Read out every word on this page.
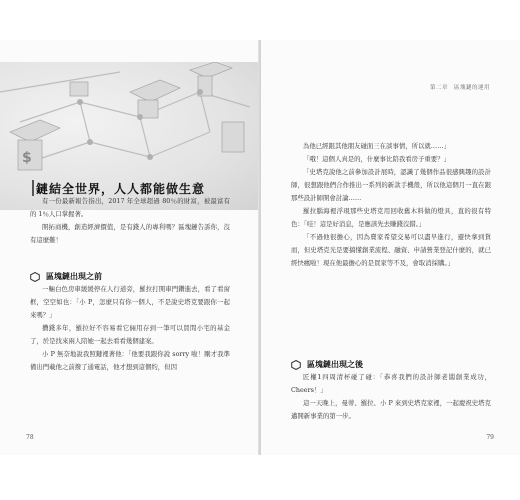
$
鏈結全世界，人人都能做生意

有一份最新報告指出，2017 年全球超過 80％的財富，被最富有的 1％人口掌握著。

開拓商機，創造經濟價值，是有錢人的專利嗎？區塊鏈告訴你，沒有這麼難！

區塊鏈出現之前

一輛白色房車緩緩停在人行道旁，羅拉打開車門鑽進去，看了看窗框，空空如也：「小 P，怎麼只有你一個人，不是說史塔克要跟你一起來嗎？」

攢錢多年，羅拉好不容易看它倆用存到一筆可以買間小宅的基金了，於是找來兩人陪她一起去看看幾個建案。

小 P 無奈地說我照鍵裡著他：「他要我跟你說 sorry 啦！剛才我準備出門載他之前撥了通電話，他才想到這個約，但因

78
第二章　區塊鏈的運用

為他已經跟其他朋友碰面三在談事情，所以就……」

「哦！這個人真是的，什麼事比陪我看房子重要？」

「史塔克說他之前參加設計展時，認識了幾個作品很感興趣的設計師，很想跟他們合作推出一系列的新款手機殼，所以他這個月一直在跟那些設計師開會討論……

羅拉腦海裡浮現那些史塔克用回收舊木料做的燈具，直的很有特色：「哇！這是好消息，是應該先去賺錢沒錯。」

「不過他很擔心，因為賣家希望交易可以盡早進行，避快拿到貨而，但史塔克光是要搞懂創業流程、融資、申請營業登記什麼的，就已經快瘋啦！現在他最擔心的是買家等不及，會取消採購。」

區塊鏈出現之後

匠權1四周清杯碰了碰：「恭喜我們的設計師老闆創業成功，Cheers！」

這一天晚上，曼蒂、羅拉、小 P 來到史塔克家裡，一起慶祝史塔克邁開新事業的第一步。

79
